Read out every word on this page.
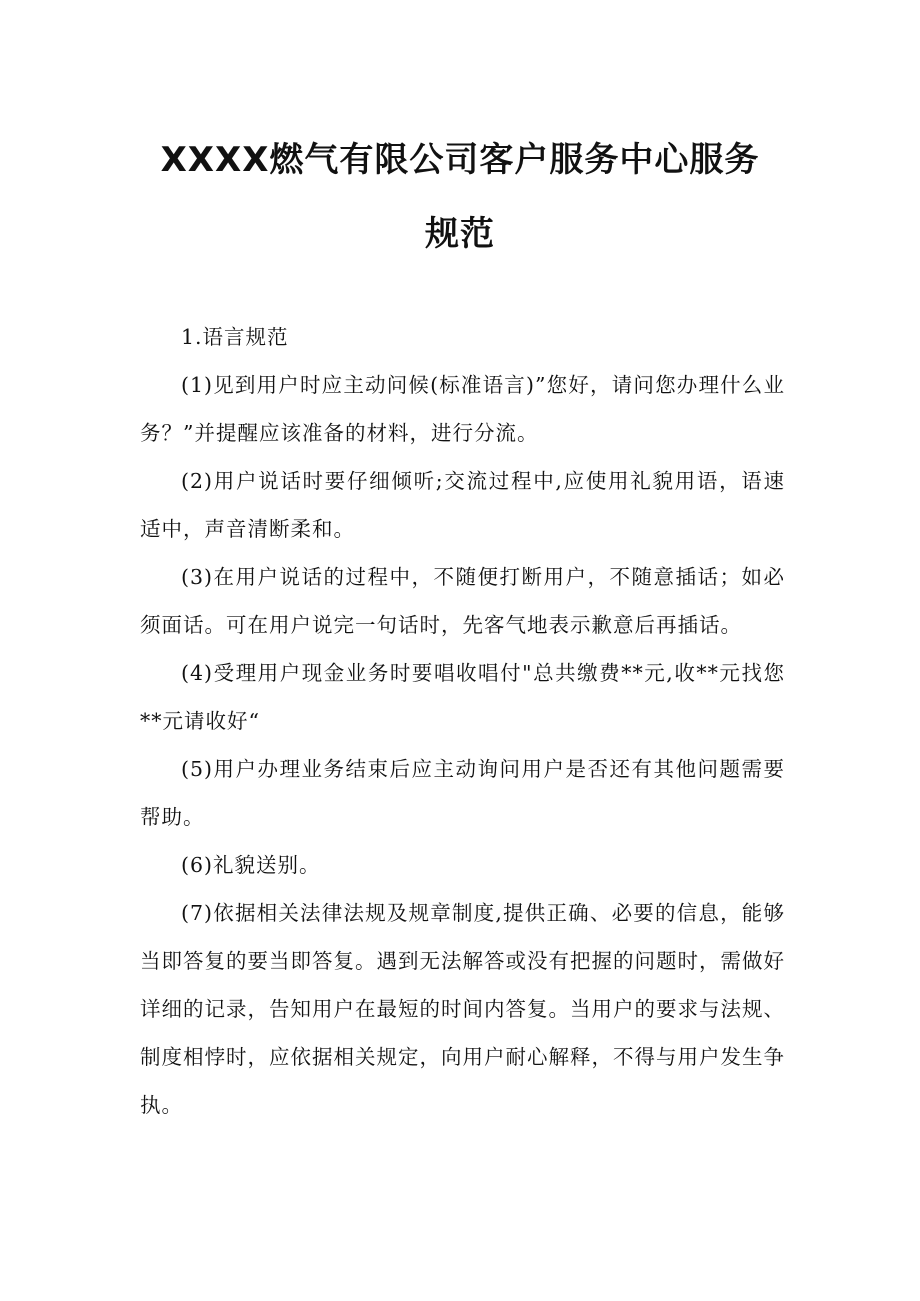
XXXX燃气有限公司客户服务中心服务
规范

1.语言规范

(1)见到用户时应主动问候(标准语言)”您好，请问您办理什么业务？”并提醒应该准备的材料，进行分流。

(2)用户说话时要仔细倾听;交流过程中,应使用礼貌用语，语速适中，声音清断柔和。

(3)在用户说话的过程中，不随便打断用户，不随意插话；如必须面话。可在用户说完一句话时，先客气地表示歉意后再插话。

(4)受理用户现金业务时要唱收唱付"总共缴费**元,收**元找您**元请收好“

(5)用户办理业务结束后应主动询问用户是否还有其他问题需要帮助。

(6)礼貌送别。

(7)依据相关法律法规及规章制度,提供正确、必要的信息，能够当即答复的要当即答复。遇到无法解答或没有把握的问题时，需做好详细的记录，告知用户在最短的时间内答复。当用户的要求与法规、制度相悖时，应依据相关规定，向用户耐心解释，不得与用户发生争执。
